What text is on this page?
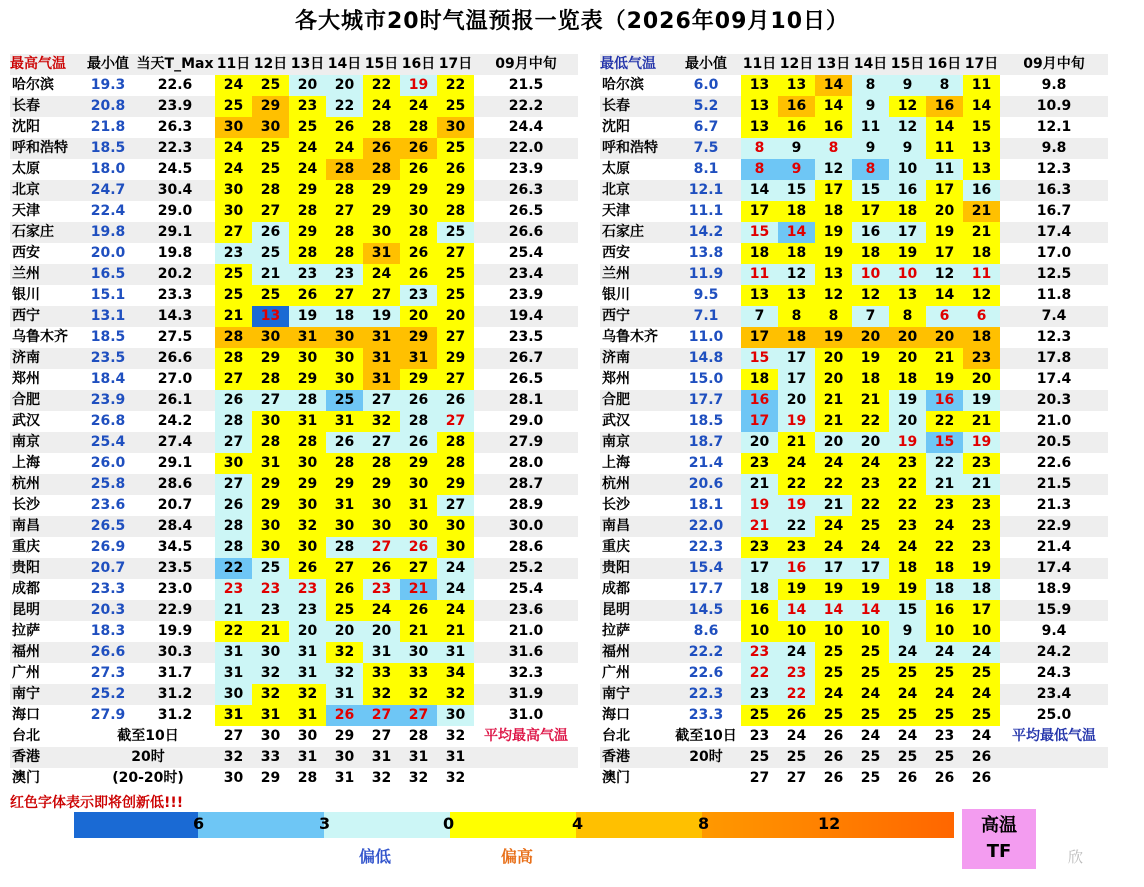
各大城市20时气温预报一览表（2026年09月10日）
最高气温	最小值	当天T_Max	11日	12日	13日	14日	15日	16日	17日	09月中旬
哈尔滨	19.3	22.6	24	25	20	20	22	19	22	21.5
长春	20.8	23.9	25	29	23	22	24	24	25	22.2
沈阳	21.8	26.3	30	30	25	26	28	28	30	24.4
呼和浩特	18.5	22.3	24	25	24	24	26	26	25	22.0
太原	18.0	24.5	24	25	24	28	28	26	26	23.9
北京	24.7	30.4	30	28	29	28	29	29	29	26.3
天津	22.4	29.0	30	27	28	27	29	30	28	26.5
石家庄	19.8	29.1	27	26	29	28	30	28	25	26.6
西安	20.0	19.8	23	25	28	28	31	26	27	25.4
兰州	16.5	20.2	25	21	23	23	24	26	25	23.4
银川	15.1	23.3	25	25	26	27	27	23	25	23.9
西宁	13.1	14.3	21	13	19	18	19	20	20	19.4
乌鲁木齐	18.5	27.5	28	30	31	30	31	29	27	23.5
济南	23.5	26.6	28	29	30	30	31	31	29	26.7
郑州	18.4	27.0	27	28	29	30	31	29	27	26.5
合肥	23.9	26.1	26	27	28	25	27	26	26	28.1
武汉	26.8	24.2	28	30	31	31	32	28	27	29.0
南京	25.4	27.4	27	28	28	26	27	26	28	27.9
上海	26.0	29.1	30	31	30	28	28	29	28	28.0
杭州	25.8	28.6	27	29	29	29	29	30	29	28.7
长沙	23.6	20.7	26	29	30	31	30	31	27	28.9
南昌	26.5	28.4	28	30	32	30	30	30	30	30.0
重庆	26.9	34.5	28	30	30	28	27	26	30	28.6
贵阳	20.7	23.5	22	25	26	27	26	27	24	25.2
成都	23.3	23.0	23	23	23	26	23	21	24	25.4
昆明	20.3	22.9	21	23	23	25	24	26	24	23.6
拉萨	18.3	19.9	22	21	20	20	20	21	21	21.0
福州	26.6	30.3	31	30	31	32	31	30	31	31.6
广州	27.3	31.7	31	32	31	32	33	33	34	32.3
南宁	25.2	31.2	30	32	32	31	32	32	32	31.9
海口	27.9	31.2	31	31	31	26	27	27	30	31.0
台北	截至10日		27	30	30	29	27	28	32	平均最高气温
香港	20时		32	33	31	30	31	31	31	
澳门	(20-20时)		30	29	28	31	32	32	32	
最低气温	最小值	11日	12日	13日	14日	15日	16日	17日	09月中旬
哈尔滨	6.0	13	13	14	8	9	8	11	9.8
长春	5.2	13	16	14	9	12	16	14	10.9
沈阳	6.7	13	16	16	11	12	14	15	12.1
呼和浩特	7.5	8	9	8	9	9	11	13	9.8
太原	8.1	8	9	12	8	10	11	13	12.3
北京	12.1	14	15	17	15	16	17	16	16.3
天津	11.1	17	18	18	17	18	20	21	16.7
石家庄	14.2	15	14	19	16	17	19	21	17.4
西安	13.8	18	18	19	18	19	17	18	17.0
兰州	11.9	11	12	13	10	10	12	11	12.5
银川	9.5	13	13	12	12	13	14	12	11.8
西宁	7.1	7	8	8	7	8	6	6	7.4
乌鲁木齐	11.0	17	18	19	20	20	20	18	12.3
济南	14.8	15	17	20	19	20	21	23	17.8
郑州	15.0	18	17	20	18	18	19	20	17.4
合肥	17.7	16	20	21	21	19	16	19	20.3
武汉	18.5	17	19	21	22	20	22	21	21.0
南京	18.7	20	21	20	20	19	15	19	20.5
上海	21.4	23	24	24	24	23	22	23	22.6
杭州	20.6	21	22	22	23	22	21	21	21.5
长沙	18.1	19	19	21	22	22	23	23	21.3
南昌	22.0	21	22	24	25	23	24	23	22.9
重庆	22.3	23	23	24	24	24	22	23	21.4
贵阳	15.4	17	16	17	17	18	18	19	17.4
成都	17.7	18	19	19	19	19	18	18	18.9
昆明	14.5	16	14	14	14	15	16	17	15.9
拉萨	8.6	10	10	10	10	9	10	10	9.4
福州	22.2	23	24	25	25	24	24	24	24.2
广州	22.6	22	23	25	25	25	25	25	24.3
南宁	22.3	23	22	24	24	24	24	24	23.4
海口	23.3	25	26	25	25	25	25	25	25.0
台北	截至10日	23	24	26	24	24	23	24	平均最低气温
香港	20时	25	25	26	25	25	25	26	
澳门		27	27	26	25	26	26	26	
红色字体表示即将创新低!!!
6	3	0	4	8	12
偏低	偏高
高温
TF	欣
